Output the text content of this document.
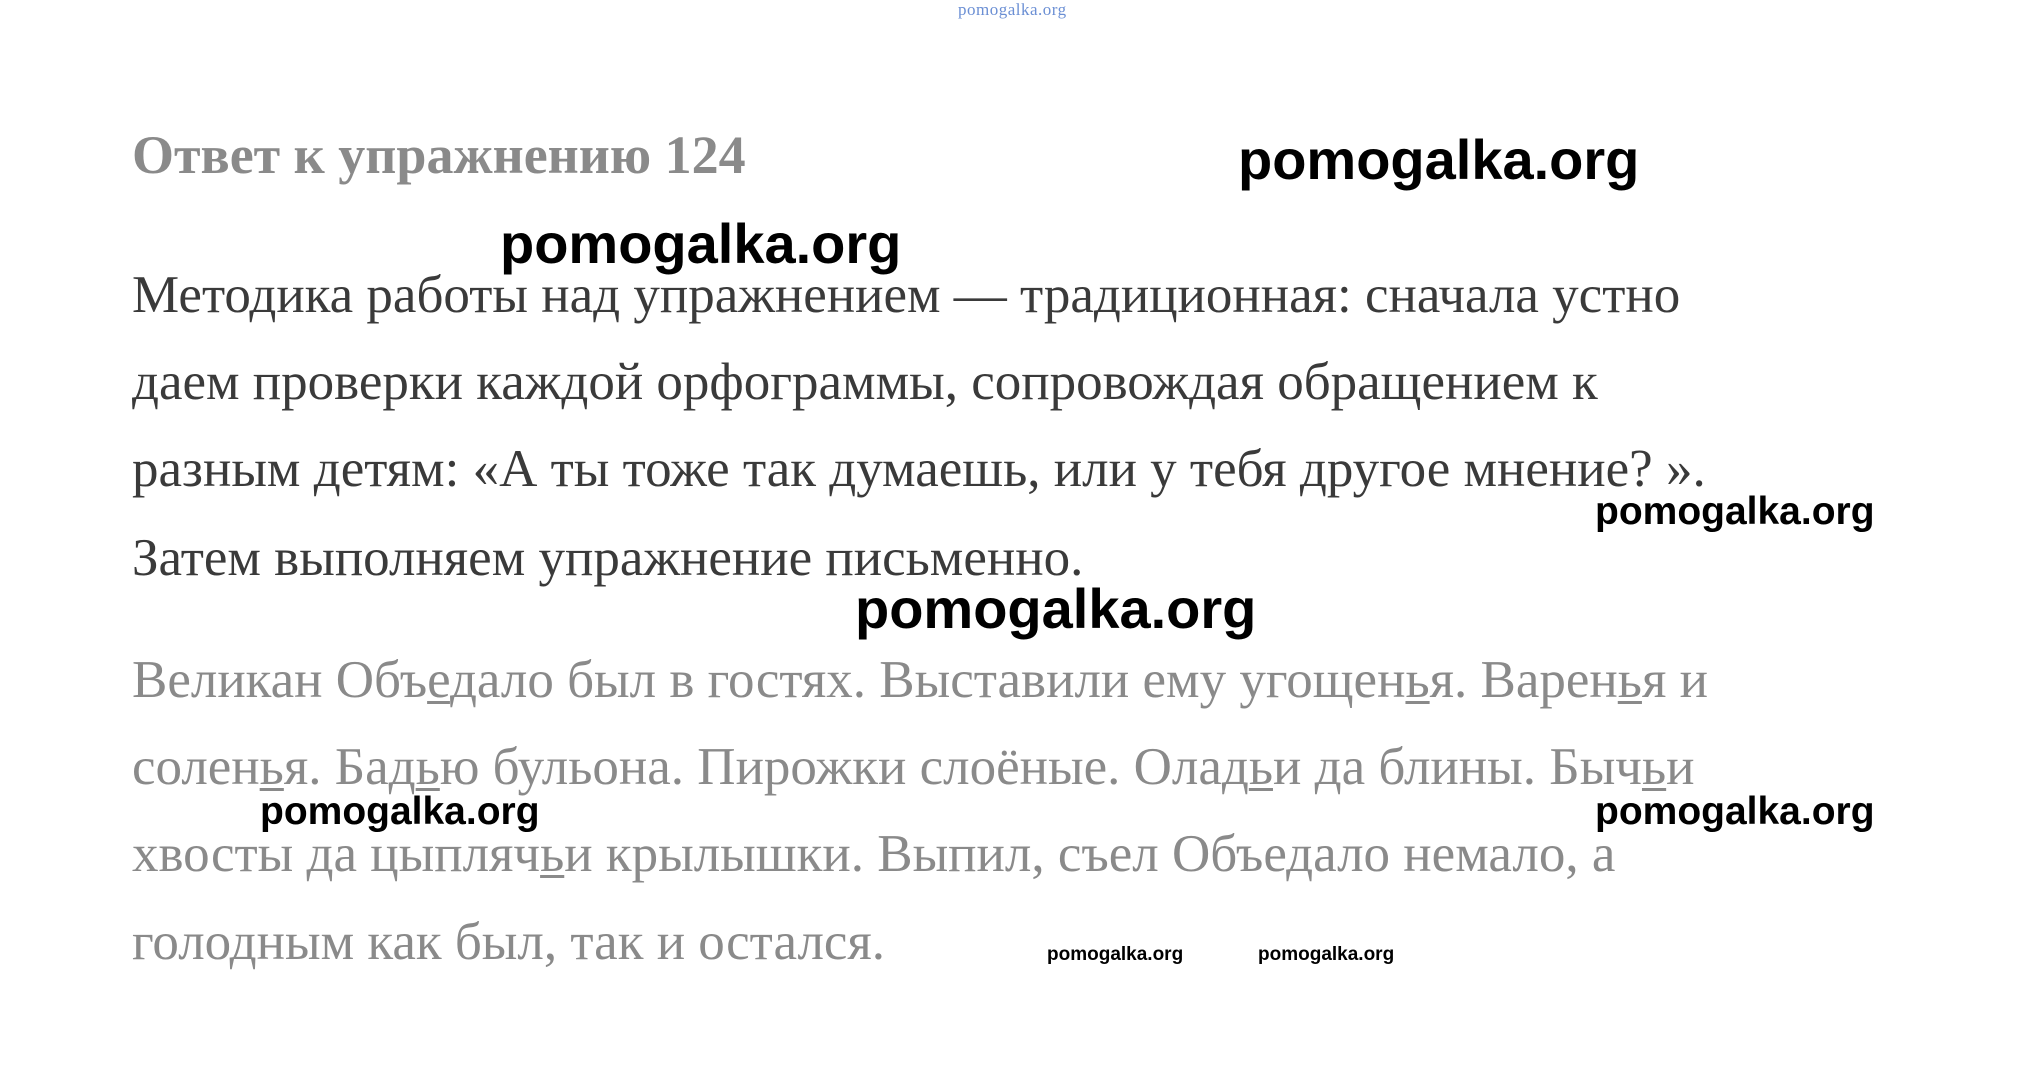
pomogalka.org
Ответ к упражнению 124
Методика работы над упражнением — традиционная: сначала устно
даем проверки каждой орфограммы, сопровождая обращением к
разным детям: «А ты тоже так думаешь, или у тебя другое мнение? ».
Затем выполняем упражнение письменно.
Великан Объедало был в гостях. Выставили ему угощенья. Варенья и
соленья. Бадью бульона. Пирожки слоёные. Оладьи да блины. Бычьи
хвосты да цыплячьи крылышки. Выпил, съел Объедало немало, а
голодным как был, так и остался.
pomogalka.org
pomogalka.org
pomogalka.org
pomogalka.org
pomogalka.org	pomogalka.org
pomogalka.org	pomogalka.org
